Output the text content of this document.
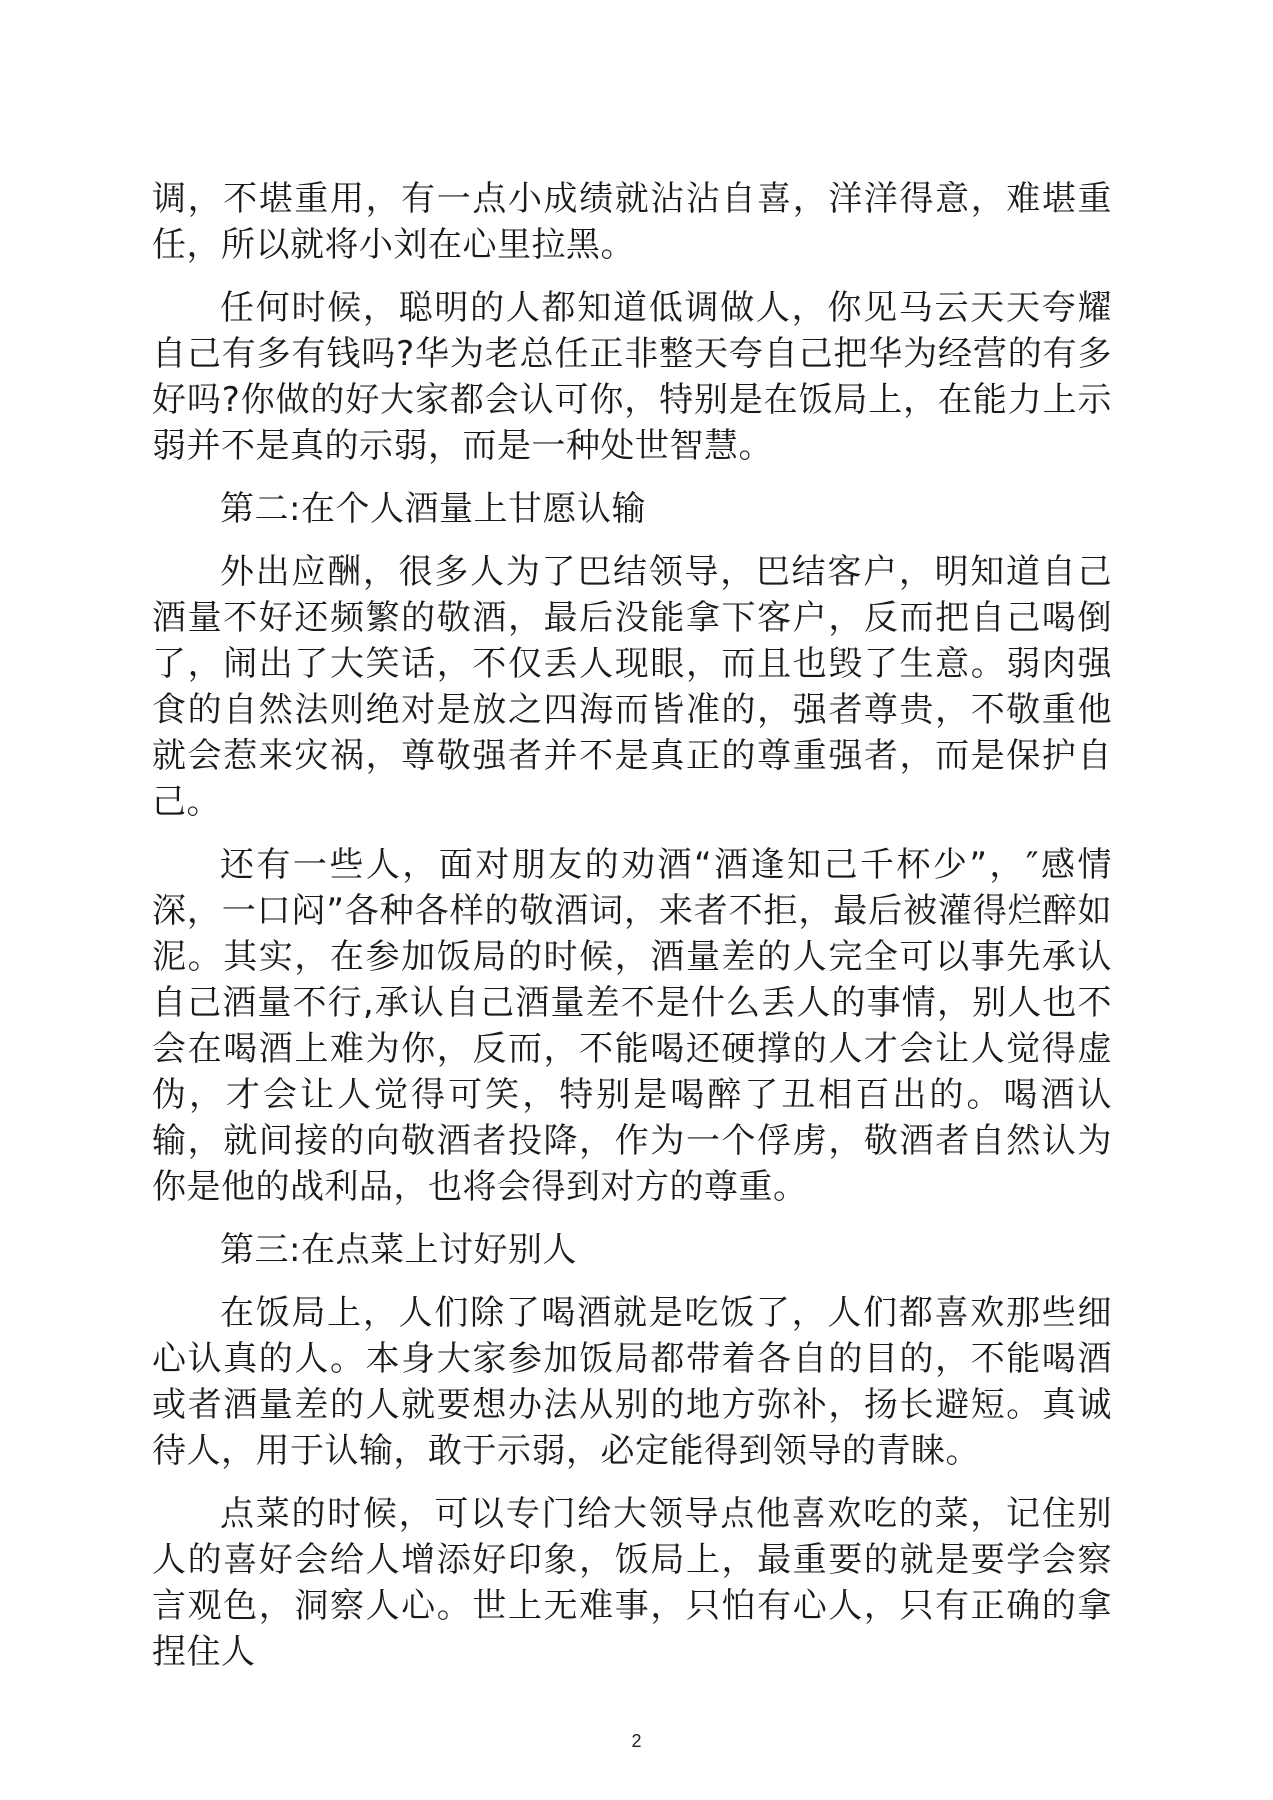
调，不堪重用，有一点小成绩就沾沾自喜，洋洋得意，难堪重任，所以就将小刘在心里拉黑。

任何时候，聪明的人都知道低调做人，你见马云天天夸耀自己有多有钱吗?华为老总任正非整天夸自己把华为经营的有多好吗?你做的好大家都会认可你，特别是在饭局上，在能力上示弱并不是真的示弱，而是一种处世智慧。

第二:在个人酒量上甘愿认输

外出应酬，很多人为了巴结领导，巴结客户，明知道自己酒量不好还频繁的敬酒，最后没能拿下客户，反而把自己喝倒了，闹出了大笑话，不仅丢人现眼，而且也毁了生意。弱肉强食的自然法则绝对是放之四海而皆准的，强者尊贵，不敬重他就会惹来灾祸，尊敬强者并不是真正的尊重强者，而是保护自己。

还有一些人，面对朋友的劝酒“酒逢知己千杯少”，″感情深，一口闷”各种各样的敬酒词，来者不拒，最后被灌得烂醉如泥。其实，在参加饭局的时候，酒量差的人完全可以事先承认自己酒量不行,承认自己酒量差不是什么丢人的事情，别人也不会在喝酒上难为你，反而，不能喝还硬撑的人才会让人觉得虚伪，才会让人觉得可笑，特别是喝醉了丑相百出的。喝酒认输，就间接的向敬酒者投降，作为一个俘虏，敬酒者自然认为你是他的战利品，也将会得到对方的尊重。

第三:在点菜上讨好别人

在饭局上，人们除了喝酒就是吃饭了，人们都喜欢那些细心认真的人。本身大家参加饭局都带着各自的目的，不能喝酒或者酒量差的人就要想办法从别的地方弥补，扬长避短。真诚待人，用于认输，敢于示弱，必定能得到领导的青睐。

点菜的时候，可以专门给大领导点他喜欢吃的菜，记住别人的喜好会给人增添好印象，饭局上，最重要的就是要学会察言观色，洞察人心。世上无难事，只怕有心人，只有正确的拿捏住人

2
